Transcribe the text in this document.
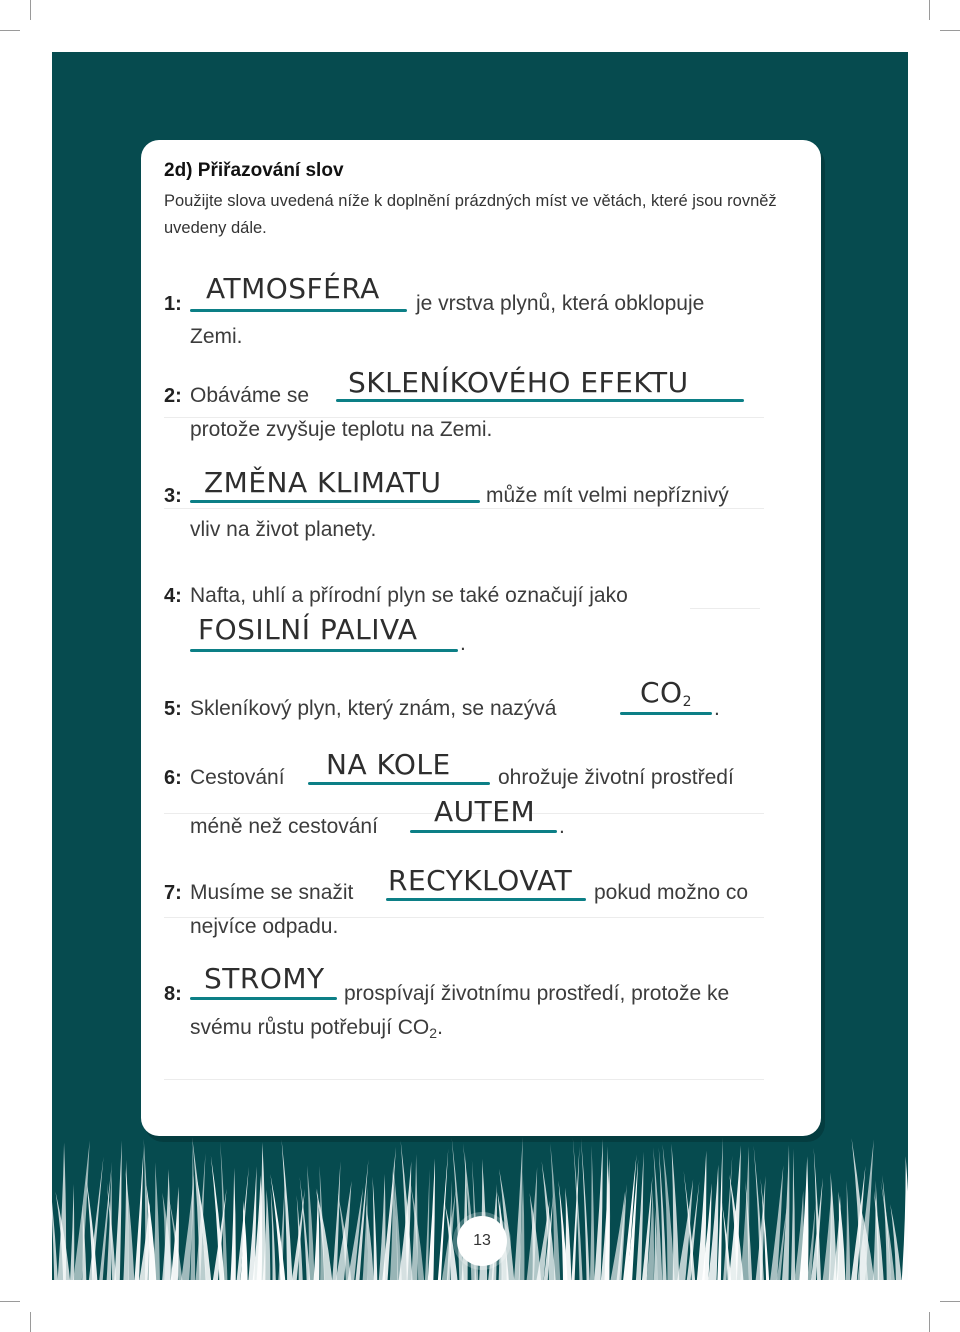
2d) Přiřazování slov
Použijte slova uvedená níže k doplnění prázdných míst ve větách, které jsou rovněž uvedeny dále.
1: ATMOSFÉRA je vrstva plynů, která obklopuje
Zemi.
2: Obáváme se SKLENÍKOVÉHO EFEKTU
protože zvyšuje teplotu na Zemi.
3: ZMĚNA KLIMATU může mít velmi nepříznivý
vliv na život planety.
4: Nafta, uhlí a přírodní plyn se také označují jako
FOSILNÍ PALIVA .
5: Skleníkový plyn, který znám, se nazývá	$CO_2$ .
6: Cestování NA KOLE ohrožuje životní prostředí
méně než cestování AUTEM .
7: Musíme se snažit RECYKLOVAT pokud možno co
nejvíce odpadu.
8: STROMY prospívají životnímu prostředí, protože ke
svému růstu potřebují $CO_2$.
13
